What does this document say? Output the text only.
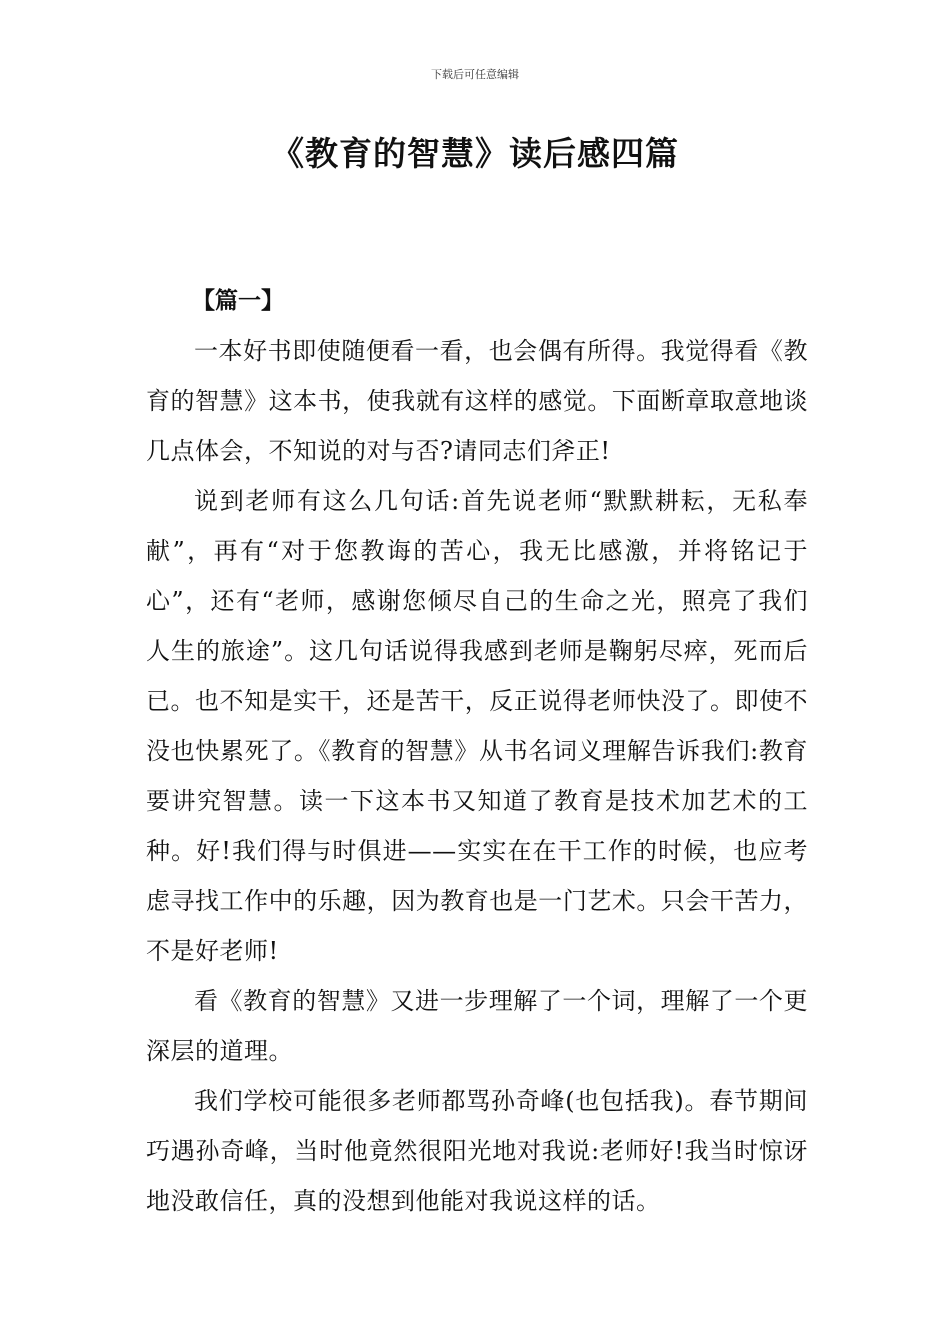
下载后可任意编辑
《教育的智慧》读后感四篇
【篇一】

一本好书即使随便看一看，也会偶有所得。我觉得看《教育的智慧》这本书，使我就有这样的感觉。下面断章取意地谈几点体会，不知说的对与否?请同志们斧正!

说到老师有这么几句话:首先说老师“默默耕耘，无私奉献”，再有“对于您教诲的苦心，我无比感激，并将铭记于心”，还有“老师，感谢您倾尽自己的生命之光，照亮了我们人生的旅途”。这几句话说得我感到老师是鞠躬尽瘁，死而后已。也不知是实干，还是苦干，反正说得老师快没了。即使不没也快累死了。《教育的智慧》从书名词义理解告诉我们:教育要讲究智慧。读一下这本书又知道了教育是技术加艺术的工种。好!我们得与时俱进——实实在在干工作的时候，也应考虑寻找工作中的乐趣，因为教育也是一门艺术。只会干苦力，不是好老师!

看《教育的智慧》又进一步理解了一个词，理解了一个更深层的道理。

我们学校可能很多老师都骂孙奇峰(也包括我)。春节期间巧遇孙奇峰，当时他竟然很阳光地对我说:老师好!我当时惊讶地没敢信任，真的没想到他能对我说这样的话。
